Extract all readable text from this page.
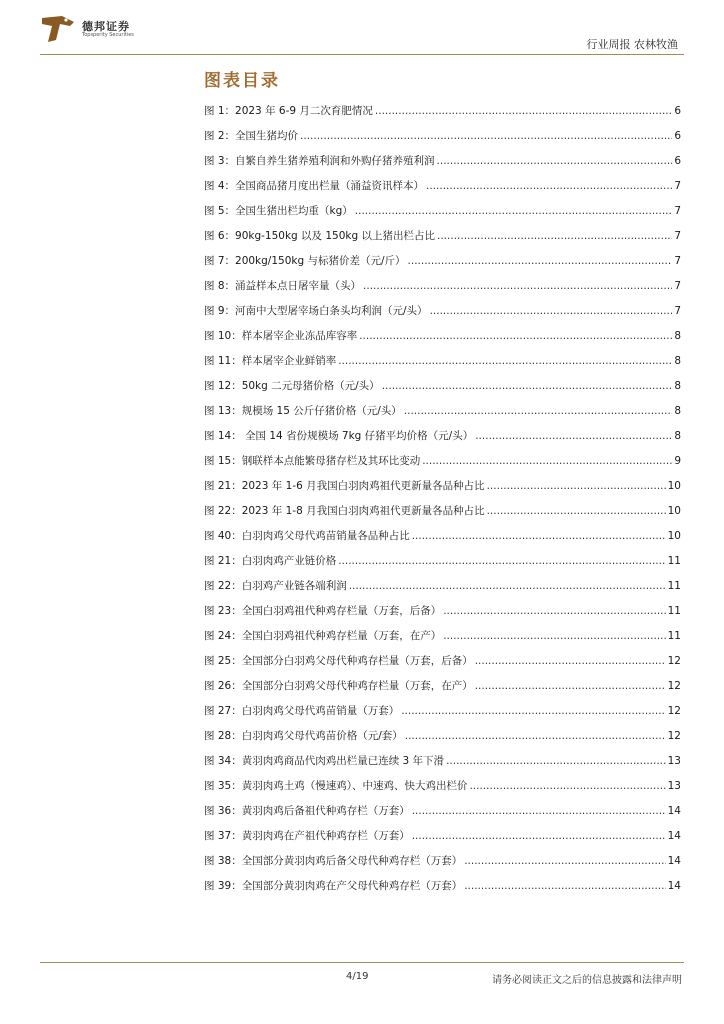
德邦证券
Topsperity Securities
行业周报 农林牧渔
图表目录
图 1：2023 年 6-9 月二次育肥情况 .....	6
图 2：全国生猪均价 .....	6
图 3：自繁自养生猪养殖利润和外购仔猪养殖利润 .....	6
图 4：全国商品猪月度出栏量（涌益资讯样本） .....	7
图 5：全国生猪出栏均重（kg） .....	7
图 6：90kg-150kg 以及 150kg 以上猪出栏占比 .....	7
图 7：200kg/150kg 与标猪价差（元/斤） .....	7
图 8：涌益样本点日屠宰量（头） .....	7
图 9：河南中大型屠宰场白条头均利润（元/头） .....	7
图 10：样本屠宰企业冻品库容率 .....	8
图 11：样本屠宰企业鲜销率 .....	8
图 12：50kg 二元母猪价格（元/头） .....	8
图 13：规模场 15 公斤仔猪价格（元/头） .....	8
图 14： 全国 14 省份规模场 7kg 仔猪平均价格（元/头） .....	8
图 15：钢联样本点能繁母猪存栏及其环比变动 .....	9
图 21：2023 年 1-6 月我国白羽肉鸡祖代更新量各品种占比 .....	10
图 22：2023 年 1-8 月我国白羽肉鸡祖代更新量各品种占比 .....	10
图 40：白羽肉鸡父母代鸡苗销量各品种占比 .....	10
图 21：白羽肉鸡产业链价格 .....	11
图 22：白羽鸡产业链各端利润 .....	11
图 23：全国白羽鸡祖代种鸡存栏量（万套，后备） .....	11
图 24：全国白羽鸡祖代种鸡存栏量（万套，在产） .....	11
图 25：全国部分白羽鸡父母代种鸡存栏量（万套，后备） .....	12
图 26：全国部分白羽鸡父母代种鸡存栏量（万套，在产） .....	12
图 27：白羽肉鸡父母代鸡苗销量（万套） .....	12
图 28：白羽肉鸡父母代鸡苗价格（元/套） .....	12
图 34：黄羽肉鸡商品代肉鸡出栏量已连续 3 年下滑 .....	13
图 35：黄羽肉鸡土鸡（慢速鸡）、中速鸡、快大鸡出栏价 .....	13
图 36：黄羽肉鸡后备祖代种鸡存栏（万套） .....	14
图 37：黄羽肉鸡在产祖代种鸡存栏（万套） .....	14
图 38：全国部分黄羽肉鸡后备父母代种鸡存栏（万套） .....	14
图 39：全国部分黄羽肉鸡在产父母代种鸡存栏（万套） .....	14
4/19	请务必阅读正文之后的信息披露和法律声明
